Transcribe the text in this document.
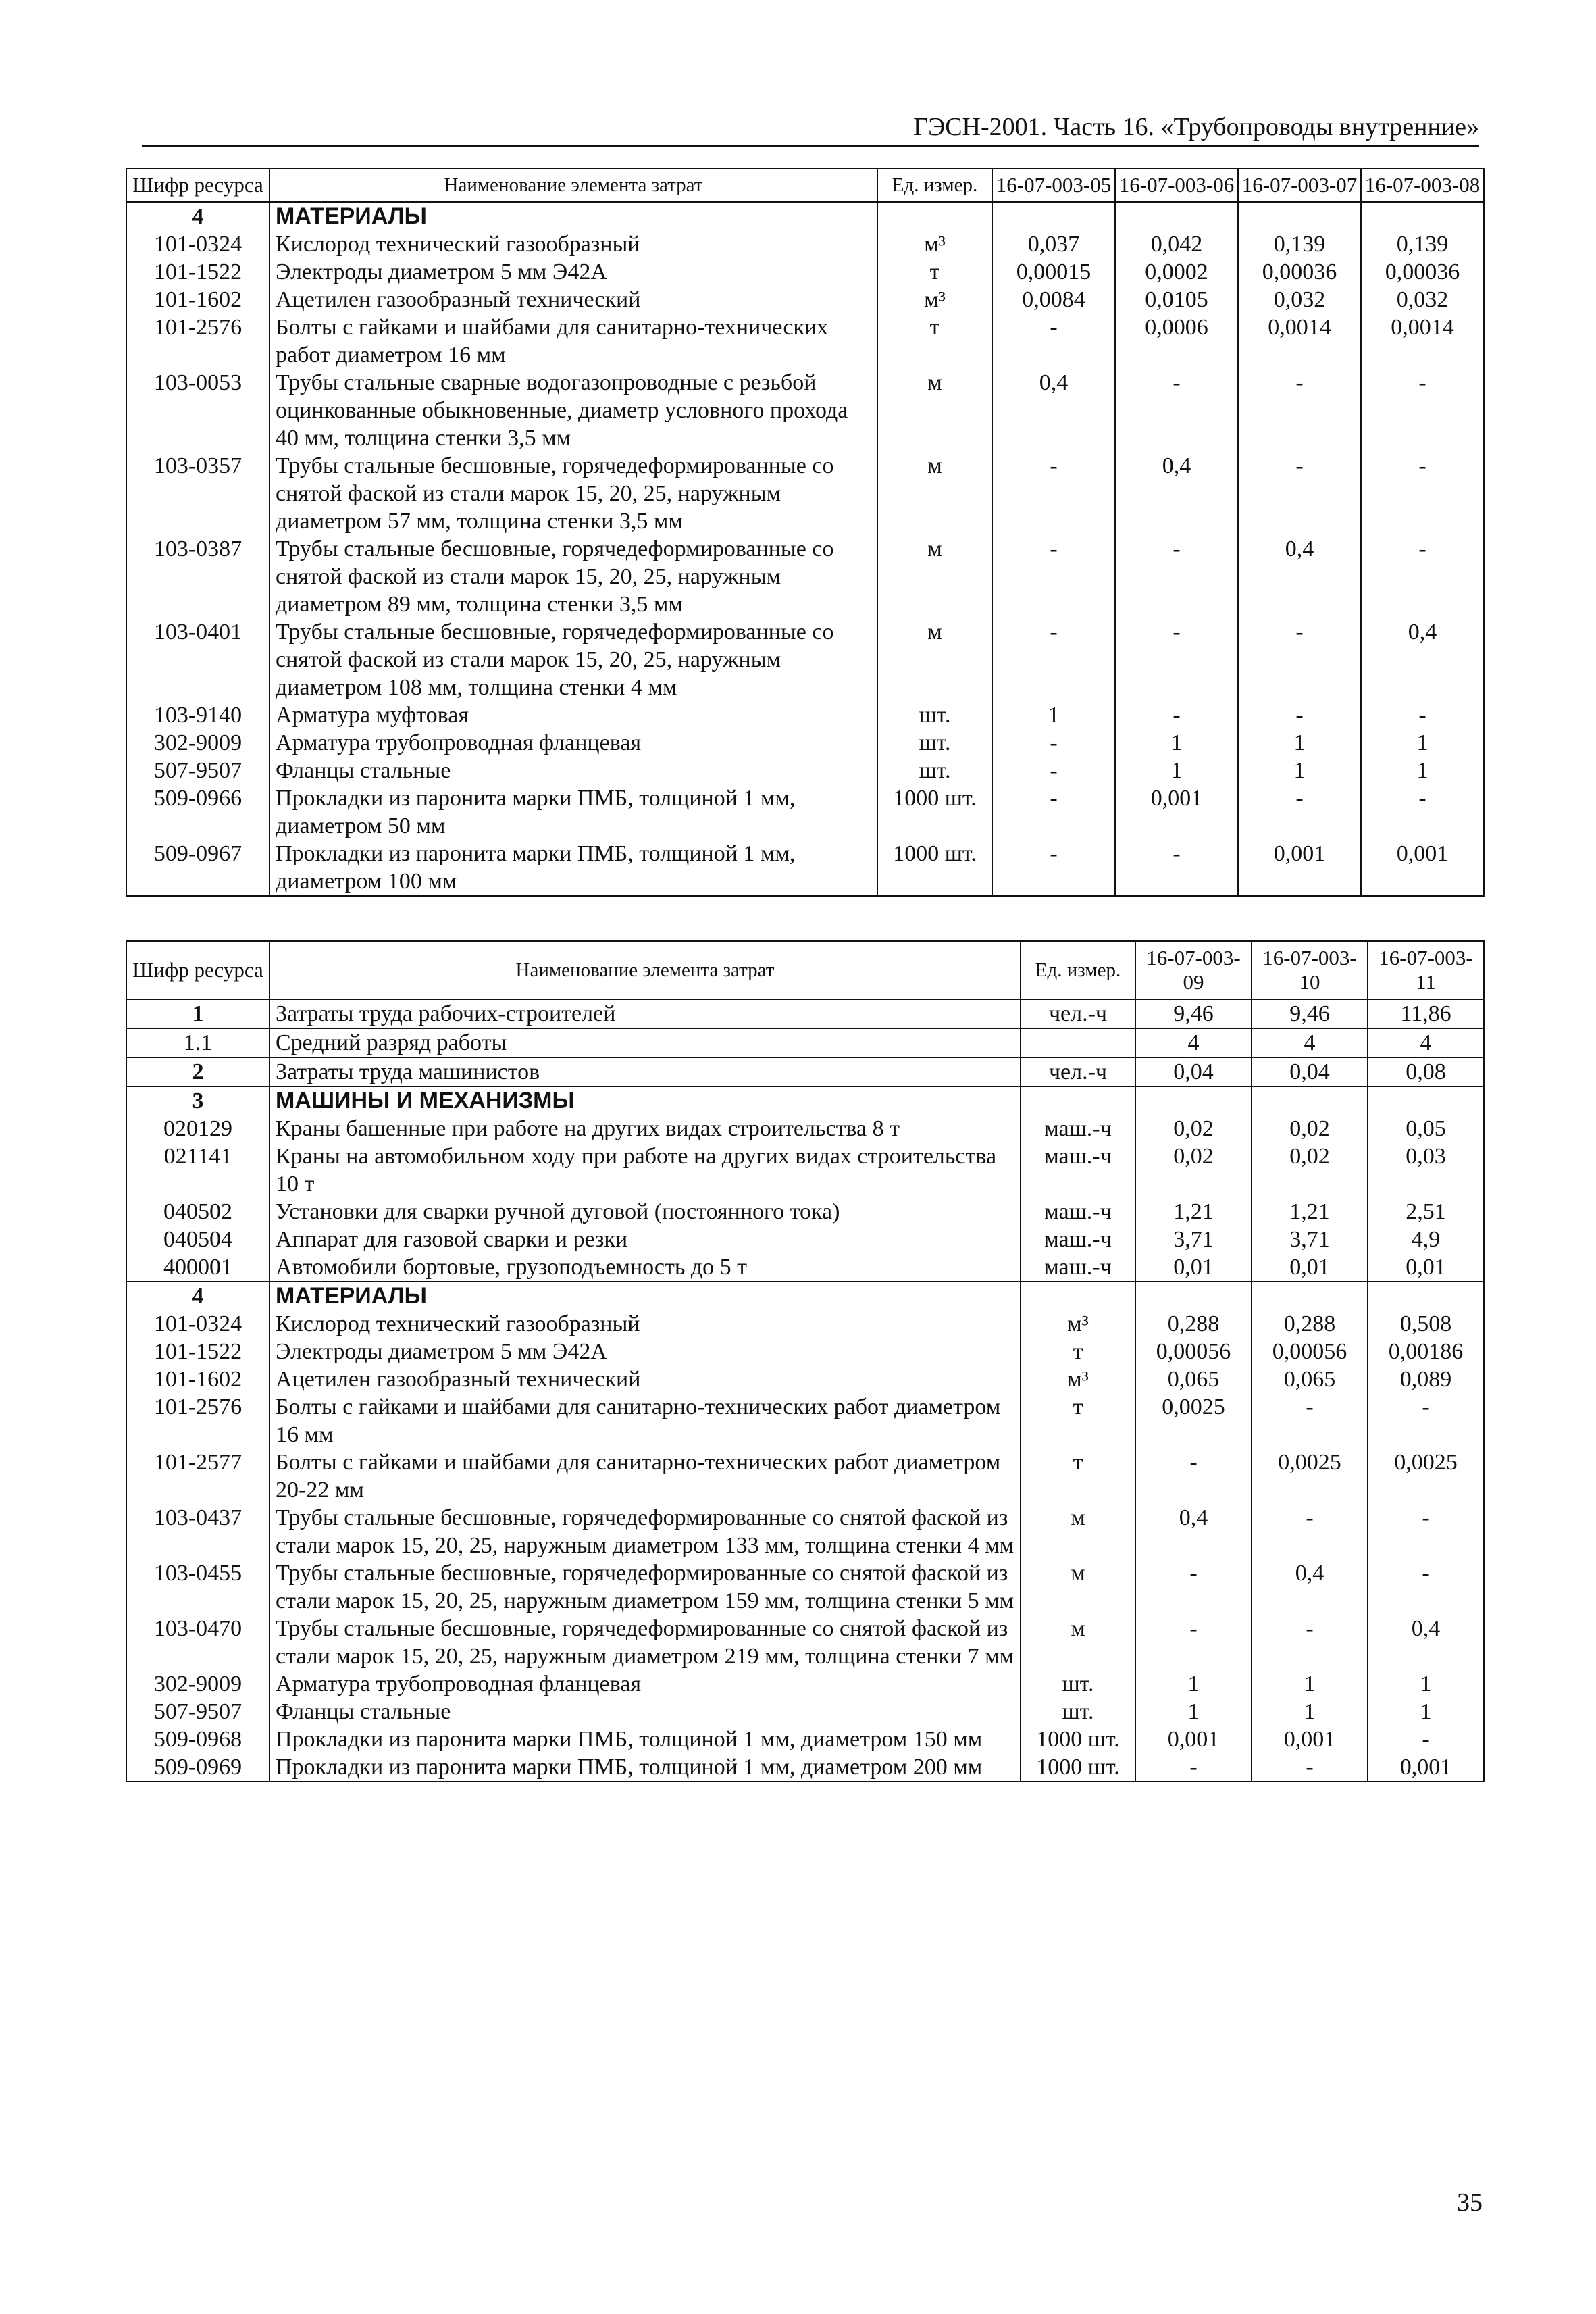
ГЭСН-2001. Часть 16. «Трубопроводы внутренние»
Шифр ресурса	Наименование элемента затрат	Ед. измер.	16-07-003-05	16-07-003-06	16-07-003-07	16-07-003-08
4	МАТЕРИАЛЫ					
101-0324	Кислород технический газообразный	м³	0,037	0,042	0,139	0,139
101-1522	Электроды диаметром 5 мм Э42А	т	0,00015	0,0002	0,00036	0,00036
101-1602	Ацетилен газообразный технический	м³	0,0084	0,0105	0,032	0,032
101-2576	Болты с гайками и шайбами для санитарно-технических работ диаметром 16 мм	т	-	0,0006	0,0014	0,0014
103-0053	Трубы стальные сварные водогазопроводные с резьбой оцинкованные обыкновенные, диаметр условного прохода 40 мм, толщина стенки 3,5 мм	м	0,4	-	-	-
103-0357	Трубы стальные бесшовные, горячедеформированные со снятой фаской из стали марок 15, 20, 25, наружным диаметром 57 мм, толщина стенки 3,5 мм	м	-	0,4	-	-
103-0387	Трубы стальные бесшовные, горячедеформированные со снятой фаской из стали марок 15, 20, 25, наружным диаметром 89 мм, толщина стенки 3,5 мм	м	-	-	0,4	-
103-0401	Трубы стальные бесшовные, горячедеформированные со снятой фаской из стали марок 15, 20, 25, наружным диаметром 108 мм, толщина стенки 4 мм	м	-	-	-	0,4
103-9140	Арматура муфтовая	шт.	1	-	-	-
302-9009	Арматура трубопроводная фланцевая	шт.	-	1	1	1
507-9507	Фланцы стальные	шт.	-	1	1	1
509-0966	Прокладки из паронита марки ПМБ, толщиной 1 мм, диаметром 50 мм	1000 шт.	-	0,001	-	-
509-0967	Прокладки из паронита марки ПМБ, толщиной 1 мм, диаметром 100 мм	1000 шт.	-	-	0,001	0,001
Шифр ресурса	Наименование элемента затрат	Ед. измер.	16-07-003-09	16-07-003-10	16-07-003-11
1	Затраты труда рабочих-строителей	чел.-ч	9,46	9,46	11,86
1.1	Средний разряд работы		4	4	4
2	Затраты труда машинистов	чел.-ч	0,04	0,04	0,08
3	МАШИНЫ И МЕХАНИЗМЫ				
020129	Краны башенные при работе на других видах строительства 8 т	маш.-ч	0,02	0,02	0,05
021141	Краны на автомобильном ходу при работе на других видах строительства 10 т	маш.-ч	0,02	0,02	0,03
040502	Установки для сварки ручной дуговой (постоянного тока)	маш.-ч	1,21	1,21	2,51
040504	Аппарат для газовой сварки и резки	маш.-ч	3,71	3,71	4,9
400001	Автомобили бортовые, грузоподъемность до 5 т	маш.-ч	0,01	0,01	0,01
4	МАТЕРИАЛЫ				
101-0324	Кислород технический газообразный	м³	0,288	0,288	0,508
101-1522	Электроды диаметром 5 мм Э42А	т	0,00056	0,00056	0,00186
101-1602	Ацетилен газообразный технический	м³	0,065	0,065	0,089
101-2576	Болты с гайками и шайбами для санитарно-технических работ диаметром 16 мм	т	0,0025	-	-
101-2577	Болты с гайками и шайбами для санитарно-технических работ диаметром 20-22 мм	т	-	0,0025	0,0025
103-0437	Трубы стальные бесшовные, горячедеформированные со снятой фаской из стали марок 15, 20, 25, наружным диаметром 133 мм, толщина стенки 4 мм	м	0,4	-	-
103-0455	Трубы стальные бесшовные, горячедеформированные со снятой фаской из стали марок 15, 20, 25, наружным диаметром 159 мм, толщина стенки 5 мм	м	-	0,4	-
103-0470	Трубы стальные бесшовные, горячедеформированные со снятой фаской из стали марок 15, 20, 25, наружным диаметром 219 мм, толщина стенки 7 мм	м	-	-	0,4
302-9009	Арматура трубопроводная фланцевая	шт.	1	1	1
507-9507	Фланцы стальные	шт.	1	1	1
509-0968	Прокладки из паронита марки ПМБ, толщиной 1 мм, диаметром 150 мм	1000 шт.	0,001	0,001	-
509-0969	Прокладки из паронита марки ПМБ, толщиной 1 мм, диаметром 200 мм	1000 шт.	-	-	0,001
35
